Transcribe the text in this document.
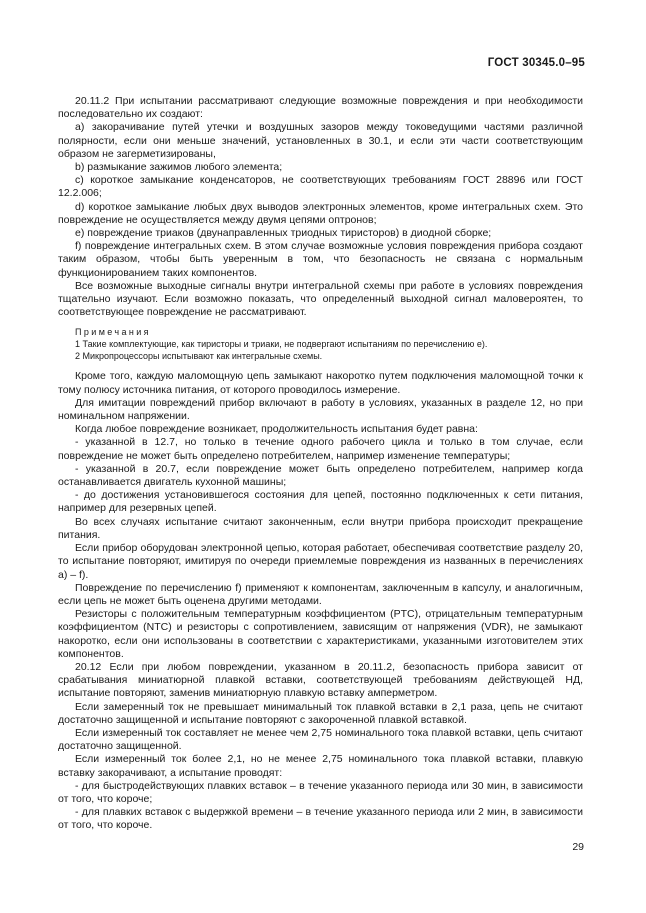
ГОСТ 30345.0–95

20.11.2 При испытании рассматривают следующие возможные повреждения и при необходимости последовательно их создают:

a) закорачивание путей утечки и воздушных зазоров между токоведущими частями различной полярности, если они меньше значений, установленных в 30.1, и если эти части соответствующим образом не загерметизированы,

b) размыкание зажимов любого элемента;

c) короткое замыкание конденсаторов, не соответствующих требованиям ГОСТ 28896 или ГОСТ 12.2.006;

d) короткое замыкание любых двух выводов электронных элементов, кроме интегральных схем. Это повреждение не осуществляется между двумя цепями оптронов;

e) повреждение триаков (двунаправленных триодных тиристоров) в диодной сборке;

f) повреждение интегральных схем. В этом случае возможные условия повреждения прибора создают таким образом, чтобы быть уверенным в том, что безопасность не связана с нормальным функционированием таких компонентов.

Все возможные выходные сигналы внутри интегральной схемы при работе в условиях повреждения тщательно изучают. Если возможно показать, что определенный выходной сигнал маловероятен, то соответствующее повреждение не рассматривают.

Примечания
1 Такие комплектующие, как тиристоры и триаки, не подвергают испытаниям по перечислению е).
2 Микропроцессоры испытывают как интегральные схемы.

Кроме того, каждую маломощную цепь замыкают накоротко путем подключения маломощной точки к тому полюсу источника питания, от которого проводилось измерение.

Для имитации повреждений прибор включают в работу в условиях, указанных в разделе 12, но при номинальном напряжении.

Когда любое повреждение возникает, продолжительность испытания будет равна:

- указанной в 12.7, но только в течение одного рабочего цикла и только в том случае, если повреждение не может быть определено потребителем, например изменение температуры;

- указанной в 20.7, если повреждение может быть определено потребителем, например когда останавливается двигатель кухонной машины;

- до достижения установившегося состояния для цепей, постоянно подключенных к сети питания, например для резервных цепей.

Во всех случаях испытание считают законченным, если внутри прибора происходит прекращение питания.

Если прибор оборудован электронной цепью, которая работает, обеспечивая соответствие разделу 20, то испытание повторяют, имитируя по очереди приемлемые повреждения из названных в перечислениях а) – f).

Повреждение по перечислению f) применяют к компонентам, заключенным в капсулу, и аналогичным, если цепь не может быть оценена другими методами.

Резисторы с положительным температурным коэффициентом (PTC), отрицательным температурным коэффициентом (NTC) и резисторы с сопротивлением, зависящим от напряжения (VDR), не замыкают накоротко, если они использованы в соответствии с характеристиками, указанными изготовителем этих компонентов.

20.12 Если при любом повреждении, указанном в 20.11.2, безопасность прибора зависит от срабатывания миниатюрной плавкой вставки, соответствующей требованиям действующей НД, испытание повторяют, заменив миниатюрную плавкую вставку амперметром.

Если замеренный ток не превышает минимальный ток плавкой вставки в 2,1 раза, цепь не считают достаточно защищенной и испытание повторяют с закороченной плавкой вставкой.

Если измеренный ток составляет не менее чем 2,75 номинального тока плавкой вставки, цепь считают достаточно защищенной.

Если измеренный ток более 2,1, но не менее 2,75 номинального тока плавкой вставки, плавкую вставку закорачивают, а испытание проводят:

- для быстродействующих плавких вставок – в течение указанного периода или 30 мин, в зависимости от того, что короче;

- для плавких вставок с выдержкой времени – в течение указанного периода или 2 мин, в зависимости от того, что короче.

29
